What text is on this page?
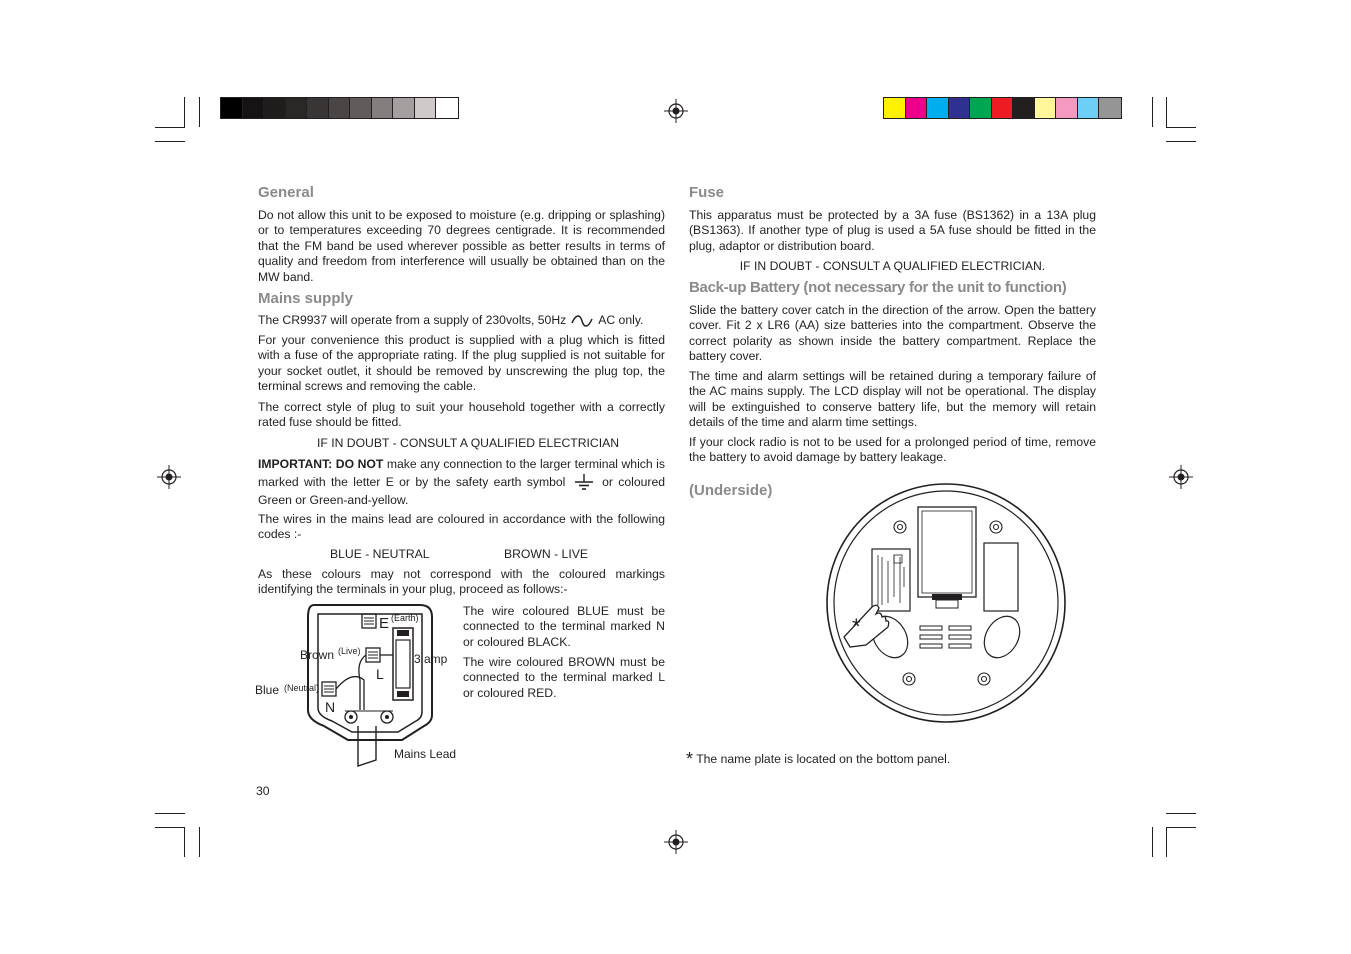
General

Do not allow this unit to be exposed to moisture (e.g. dripping or splashing) or to temperatures exceeding 70 degrees centigrade. It is recommended that the FM band be used wherever possible as better results in terms of quality and freedom from interference will usually be obtained than on the MW band.

Mains supply
The CR9937 will operate from a supply of 230volts, 50Hz	AC only.

For your convenience this product is supplied with a plug which is fitted with a fuse of the appropriate rating. If the plug supplied is not suitable for your socket outlet, it should be removed by unscrewing the plug top, the terminal screws and removing the cable.

The correct style of plug to suit your household together with a correctly rated fuse should be fitted.

IF IN DOUBT - CONSULT A QUALIFIED ELECTRICIAN

IMPORTANT: DO NOT make any connection to the larger terminal which is marked with the letter E or by the safety earth symbol	or coloured Green or Green-and-yellow.

The wires in the mains lead are coloured in accordance with the following codes :-

BLUE - NEUTRAL	BROWN - LIVE

As these colours may not correspond with the coloured markings identifying the terminals in your plug, proceed as follows:-

The wire coloured BLUE must be connected to the terminal marked N or coloured BLACK.

The wire coloured BROWN must be connected to the terminal marked L or coloured RED.

E (Earth)
3 amp
L
Brown (Live)
N
Blue (Neutral)
Mains Lead
30
Fuse

This apparatus must be protected by a 3A fuse (BS1362) in a 13A plug (BS1363). If another type of plug is used a 5A fuse should be fitted in the plug, adaptor or distribution board.

IF IN DOUBT - CONSULT A QUALIFIED ELECTRICIAN.

Back-up Battery (not necessary for the unit to function)

Slide the battery cover catch in the direction of the arrow. Open the battery cover. Fit 2 x LR6 (AA) size batteries into the compartment. Observe the correct polarity as shown inside the battery compartment. Replace the battery cover.

The time and alarm settings will be retained during a temporary failure of the AC mains supply. The LCD display will not be operational. The display will be extinguished to conserve battery life, but the memory will retain details of the time and alarm time settings.

If your clock radio is not to be used for a prolonged period of time, remove the battery to avoid damage by battery leakage.

(Underside)
*
* The name plate is located on the bottom panel.
